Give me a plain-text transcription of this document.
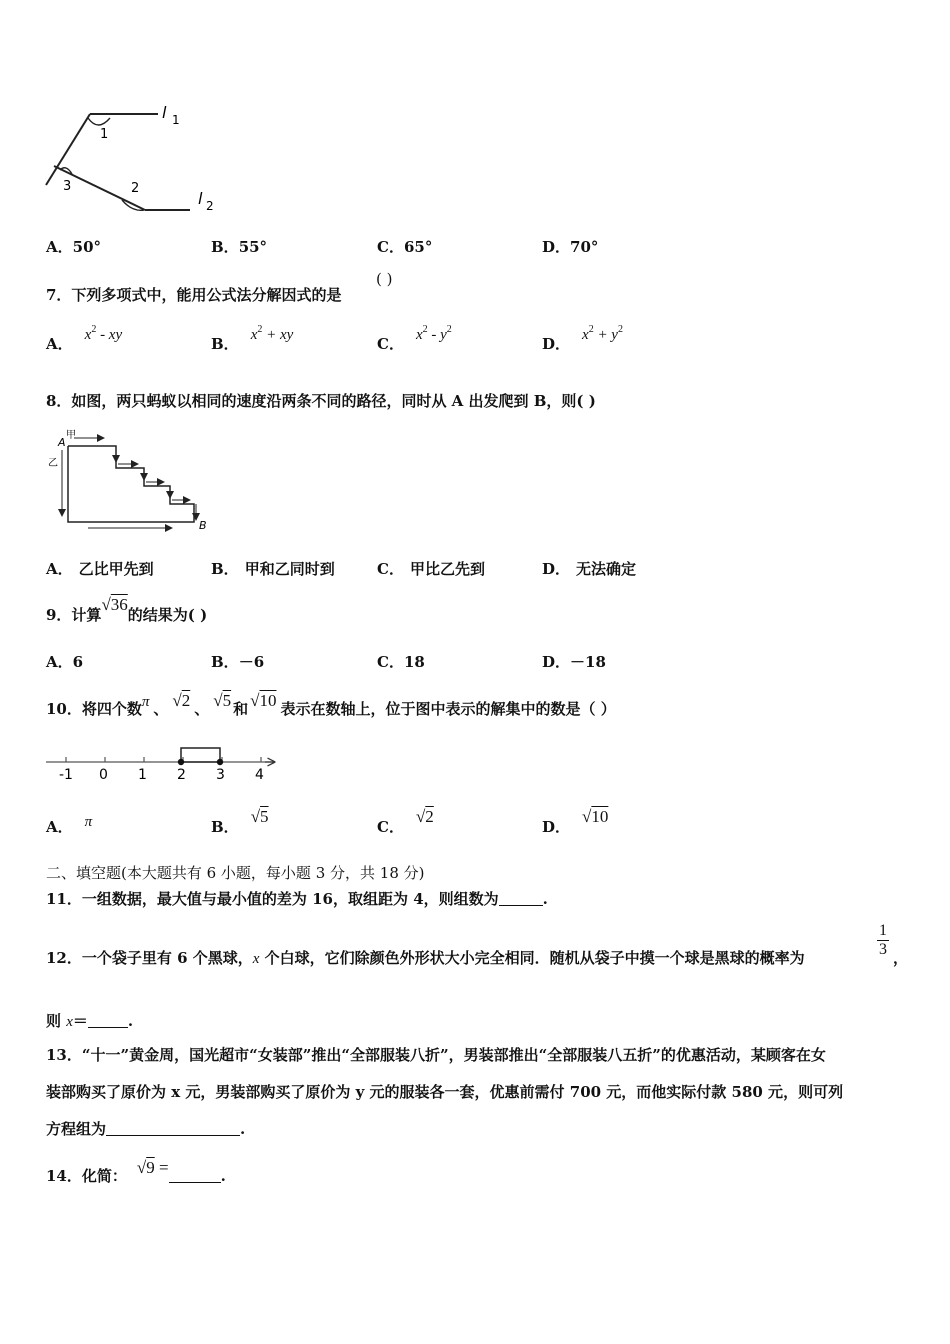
1
3	2
l 1
l 2
A．50°	B．55°	C．65°	D．70°
7．下列多项式中，能用公式法分解因式的是
( )
A． $x^2$ - xy	B． $x^2$ + xy	C． $x^2 - y^2$
D． $x^2 + y^2$
8．如图，两只蚂蚁以相同的速度沿两条不同的路径，同时从 A 出发爬到 B，则( )
A
甲
乙
B
A． 乙比甲先到	B． 甲和乙同时到	C． 甲比乙先到	D． 无法确定
9．计算√36的结果为( )
A．6	B．－6	C．18	D．－18
10．将四个数π 、 √2 、 √5 和 √10 表示在数轴上，位于图中表示的解集中的数是（ ）
-1 0 1 2 3 4
A． π	B．√5
C．√2
D．√10
二、填空题(本大题共有 6 小题，每小题 3 分，共 18 分)
11．一组数据，最大值与最小值的差为 16，取组距为 4，则组数为	.
12．一个袋子里有 6 个黑球，x 个白球，它们除颜色外形状大小完全相同．随机从袋子中摸一个球是黑球的概率为	$\frac{1}{3}$ ，
则 x＝	.
13．“十一”黄金周，国光超市“女装部”推出“全部服装八折”，男装部推出“全部服装八五折”的优惠活动，某顾客在女
装部购买了原价为 x 元，男装部购买了原价为 y 元的服装各一套，优惠前需付 700 元，而他实际付款 580 元，则可列
方程组为	.
14．化简： √9 =	.
